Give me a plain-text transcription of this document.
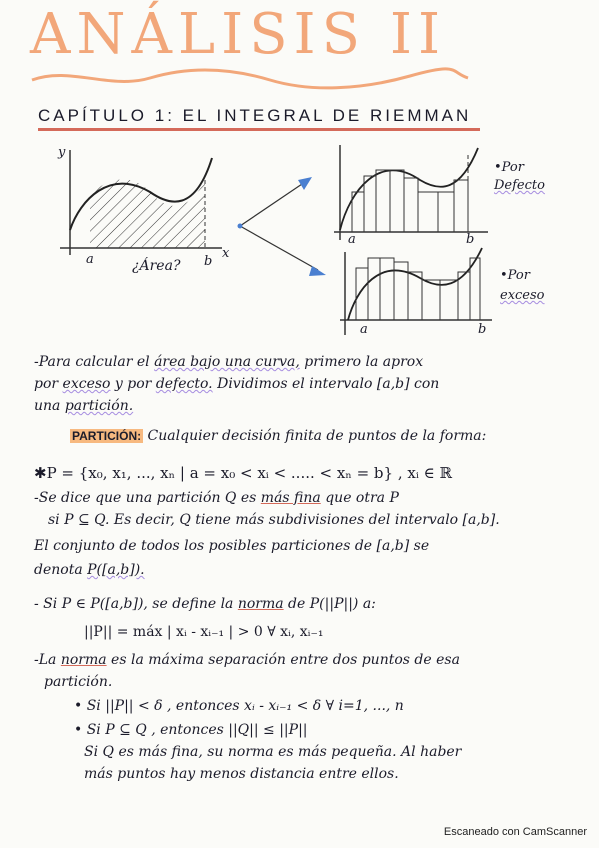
ANÁLISIS II
CAPÍTULO 1: EL INTEGRAL DE RIEMMAN
y
x
a	b
¿Área?
a	b
•Por
Defecto
a	b
•Por
exceso
-Para calcular el área bajo una curva, primero la aprox
por exceso y por defecto. Dividimos el intervalo [a,b] con
una partición.
PARTICIÓN: Cualquier decisión finita de puntos de la forma:
✱P = {x₀, x₁, ..., xₙ | a = x₀ < xᵢ < ..... < xₙ = b} , xᵢ ∈ ℝ
-Se dice que una partición Q es más fina que otra P
si P ⊆ Q. Es decir, Q tiene más subdivisiones del intervalo [a,b].
El conjunto de todos los posibles particiones de [a,b] se
denota P([a,b]).
- Si P ∈ P([a,b]), se define la norma de P(||P||) a:
||P|| = máx | xᵢ - xᵢ₋₁ | > 0 ∀ xᵢ, xᵢ₋₁
-La norma es la máxima separación entre dos puntos de esa
partición.
• Si ||P|| < δ , entonces xᵢ - xᵢ₋₁ < δ ∀ i=1, ..., n
• Si P ⊆ Q , entonces ||Q|| ≤ ||P||
Si Q es más fina, su norma es más pequeña. Al haber
más puntos hay menos distancia entre ellos.
Escaneado con CamScanner
